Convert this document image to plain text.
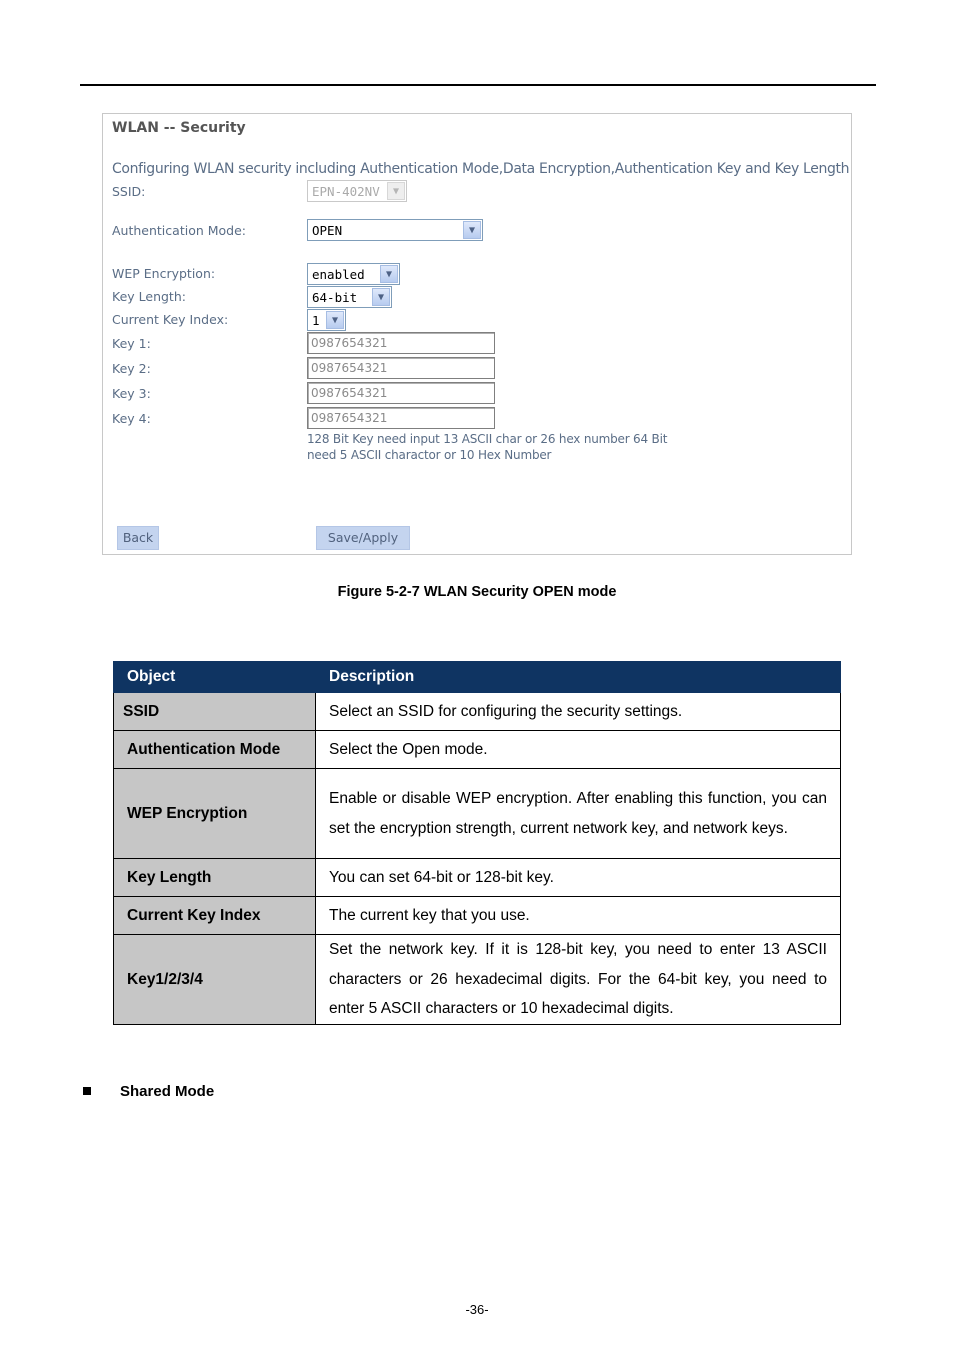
WLAN -- Security
Configuring WLAN security including Authentication Mode,Data Encryption,Authentication Key and Key Length
SSID:	EPN-402NV	▼
Authentication Mode:	OPEN	▼
WEP Encryption:	enabled	▼
Key Length:	64-bit	▼
Current Key Index:	1	▼
Key 1:	0987654321
Key 2:	0987654321
Key 3:	0987654321
Key 4:	0987654321
128 Bit Key need input 13 ASCII char or 26 hex number 64 Bit
need 5 ASCII charactor or 10 Hex Number
Back	Save/Apply
Figure 5-2-7 WLAN Security OPEN mode
Object	Description
SSID	Select an SSID for configuring the security settings.
Authentication Mode	Select the Open mode.
WEP Encryption	Enable or disable WEP encryption. After enabling this function, you can set the encryption strength, current network key, and network keys.
Key Length	You can set 64-bit or 128-bit key.
Current Key Index	The current key that you use.
Key1/2/3/4	Set the network key. If it is 128-bit key, you need to enter 13 ASCII characters or 26 hexadecimal digits. For the 64-bit key, you need to enter 5 ASCII characters or 10 hexadecimal digits.
Shared Mode
-36-
